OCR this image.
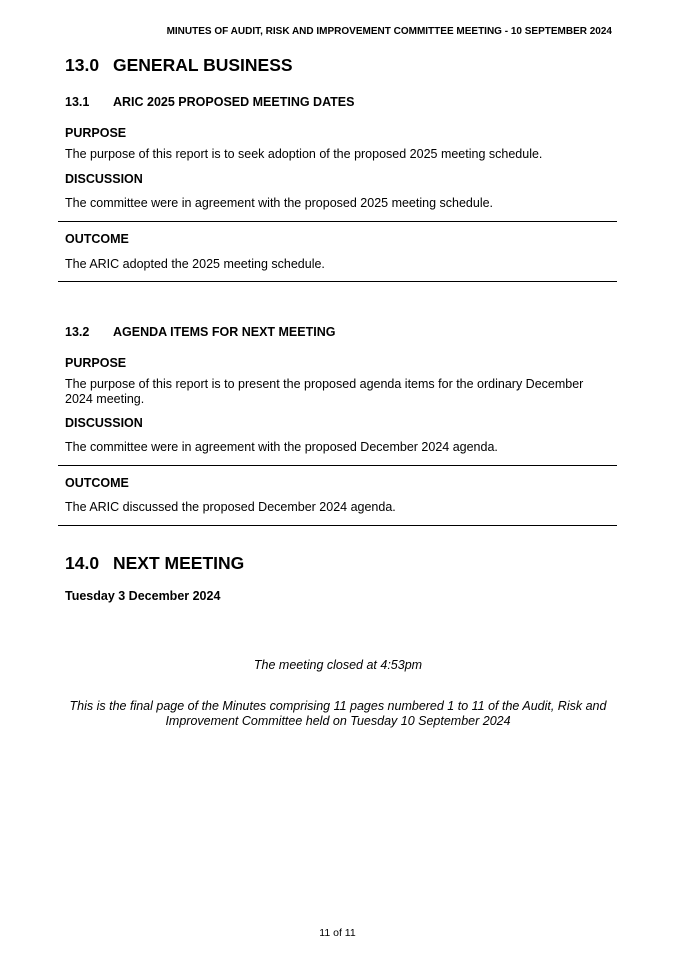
MINUTES OF AUDIT, RISK AND IMPROVEMENT COMMITTEE MEETING - 10 SEPTEMBER 2024
13.0 GENERAL BUSINESS
13.1 ARIC 2025 PROPOSED MEETING DATES
PURPOSE
The purpose of this report is to seek adoption of the proposed 2025 meeting schedule.
DISCUSSION
The committee were in agreement with the proposed 2025 meeting schedule.
OUTCOME
The ARIC adopted the 2025 meeting schedule.
13.2 AGENDA ITEMS FOR NEXT MEETING
PURPOSE
The purpose of this report is to present the proposed agenda items for the ordinary December 2024 meeting.
DISCUSSION
The committee were in agreement with the proposed December 2024 agenda.
OUTCOME
The ARIC discussed the proposed December 2024 agenda.
14.0 NEXT MEETING
Tuesday 3 December 2024
The meeting closed at 4:53pm
This is the final page of the Minutes comprising 11 pages numbered 1 to 11 of the Audit, Risk and Improvement Committee held on Tuesday 10 September 2024
11 of 11
